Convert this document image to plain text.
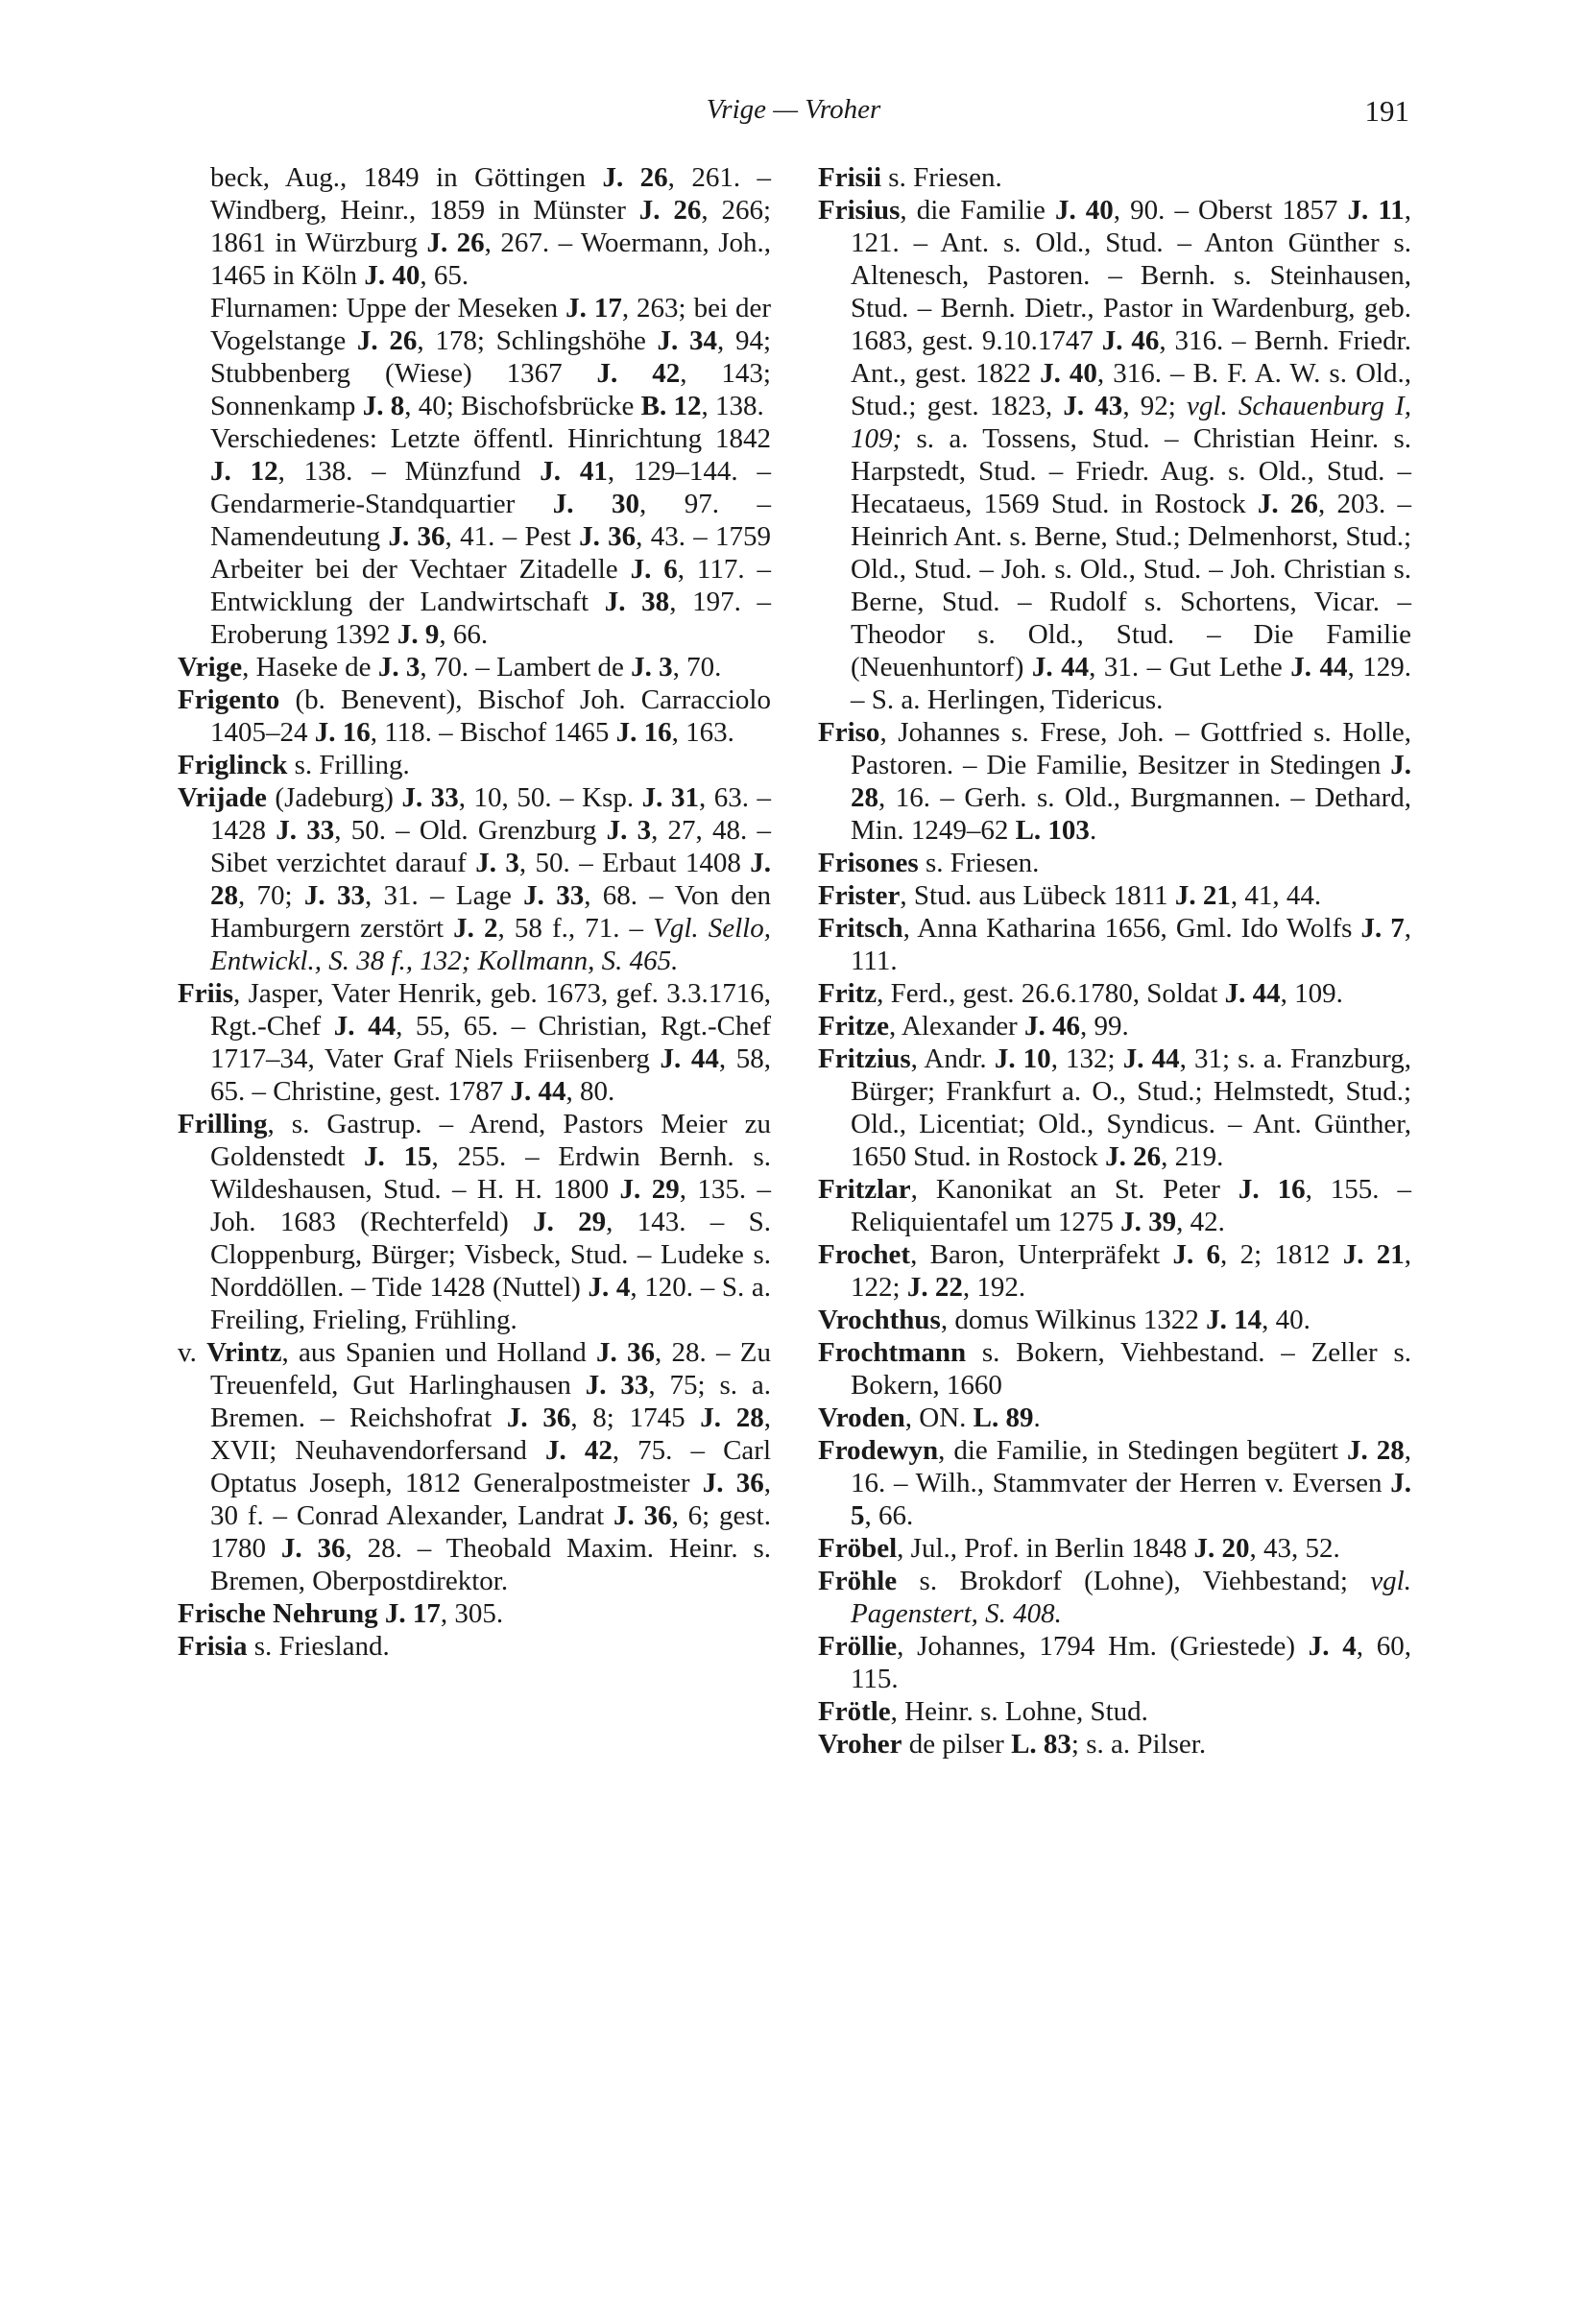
Vrige — Vroher	191

beck, Aug., 1849 in Göttingen J. 26, 261. – Windberg, Heinr., 1859 in Münster J. 26, 266; 1861 in Würzburg J. 26, 267. – Woermann, Joh., 1465 in Köln J. 40, 65.

Flurnamen: Uppe der Meseken J. 17, 263; bei der Vogelstange J. 26, 178; Schlingshöhe J. 34, 94; Stubbenberg (Wiese) 1367 J. 42, 143; Sonnenkamp J. 8, 40; Bischofsbrücke B. 12, 138.

Verschiedenes: Letzte öffentl. Hinrichtung 1842 J. 12, 138. – Münzfund J. 41, 129–144. – Gendarmerie-Standquartier J. 30, 97. – Namendeutung J. 36, 41. – Pest J. 36, 43. – 1759 Arbeiter bei der Vechtaer Zitadelle J. 6, 117. – Entwicklung der Landwirtschaft J. 38, 197. – Eroberung 1392 J. 9, 66.

Vrige, Haseke de J. 3, 70. – Lambert de J. 3, 70.

Frigento (b. Benevent), Bischof Joh. Carracciolo 1405–24 J. 16, 118. – Bischof 1465 J. 16, 163.

Friglinck s. Frilling.

Vrijade (Jadeburg) J. 33, 10, 50. – Ksp. J. 31, 63. – 1428 J. 33, 50. – Old. Grenzburg J. 3, 27, 48. – Sibet verzichtet darauf J. 3, 50. – Erbaut 1408 J. 28, 70; J. 33, 31. – Lage J. 33, 68. – Von den Hamburgern zerstört J. 2, 58 f., 71. – Vgl. Sello, Entwickl., S. 38 f., 132; Kollmann, S. 465.

Friis, Jasper, Vater Henrik, geb. 1673, gef. 3.3.1716, Rgt.-Chef J. 44, 55, 65. – Christian, Rgt.-Chef 1717–34, Vater Graf Niels Friisenberg J. 44, 58, 65. – Christine, gest. 1787 J. 44, 80.

Frilling, s. Gastrup. – Arend, Pastors Meier zu Goldenstedt J. 15, 255. – Erdwin Bernh. s. Wildeshausen, Stud. – H. H. 1800 J. 29, 135. – Joh. 1683 (Rechterfeld) J. 29, 143. – S. Cloppenburg, Bürger; Visbeck, Stud. – Ludeke s. Norddöllen. – Tide 1428 (Nuttel) J. 4, 120. – S. a. Freiling, Frieling, Frühling.

v. Vrintz, aus Spanien und Holland J. 36, 28. – Zu Treuenfeld, Gut Harlinghausen J. 33, 75; s. a. Bremen. – Reichshofrat J. 36, 8; 1745 J. 28, XVII; Neuhavendorfersand J. 42, 75. – Carl Optatus Joseph, 1812 Generalpostmeister J. 36, 30 f. – Conrad Alexander, Landrat J. 36, 6; gest. 1780 J. 36, 28. – Theobald Maxim. Heinr. s. Bremen, Oberpostdirektor.

Frische Nehrung J. 17, 305.

Frisia s. Friesland.

Frisii s. Friesen.

Frisius, die Familie J. 40, 90. – Oberst 1857 J. 11, 121. – Ant. s. Old., Stud. – Anton Günther s. Altenesch, Pastoren. – Bernh. s. Steinhausen, Stud. – Bernh. Dietr., Pastor in Wardenburg, geb. 1683, gest. 9.10.1747 J. 46, 316. – Bernh. Friedr. Ant., gest. 1822 J. 40, 316. – B. F. A. W. s. Old., Stud.; gest. 1823, J. 43, 92; vgl. Schauenburg I, 109; s. a. Tossens, Stud. – Christian Heinr. s. Harpstedt, Stud. – Friedr. Aug. s. Old., Stud. – Hecataeus, 1569 Stud. in Rostock J. 26, 203. – Heinrich Ant. s. Berne, Stud.; Delmenhorst, Stud.; Old., Stud. – Joh. s. Old., Stud. – Joh. Christian s. Berne, Stud. – Rudolf s. Schortens, Vicar. – Theodor s. Old., Stud. – Die Familie (Neuenhuntorf) J. 44, 31. – Gut Lethe J. 44, 129. – S. a. Herlingen, Tidericus.

Friso, Johannes s. Frese, Joh. – Gottfried s. Holle, Pastoren. – Die Familie, Besitzer in Stedingen J. 28, 16. – Gerh. s. Old., Burgmannen. – Dethard, Min. 1249–62 L. 103.

Frisones s. Friesen.

Frister, Stud. aus Lübeck 1811 J. 21, 41, 44.

Fritsch, Anna Katharina 1656, Gml. Ido Wolfs J. 7, 111.

Fritz, Ferd., gest. 26.6.1780, Soldat J. 44, 109.

Fritze, Alexander J. 46, 99.

Fritzius, Andr. J. 10, 132; J. 44, 31; s. a. Franzburg, Bürger; Frankfurt a. O., Stud.; Helmstedt, Stud.; Old., Licentiat; Old., Syndicus. – Ant. Günther, 1650 Stud. in Rostock J. 26, 219.

Fritzlar, Kanonikat an St. Peter J. 16, 155. – Reliquientafel um 1275 J. 39, 42.

Frochet, Baron, Unterpräfekt J. 6, 2; 1812 J. 21, 122; J. 22, 192.

Vrochthus, domus Wilkinus 1322 J. 14, 40.

Frochtmann s. Bokern, Viehbestand. – Zeller s. Bokern, 1660

Vroden, ON. L. 89.

Frodewyn, die Familie, in Stedingen begütert J. 28, 16. – Wilh., Stammvater der Herren v. Eversen J. 5, 66.

Fröbel, Jul., Prof. in Berlin 1848 J. 20, 43, 52.

Fröhle s. Brokdorf (Lohne), Viehbestand; vgl. Pagenstert, S. 408.

Fröllie, Johannes, 1794 Hm. (Griestede) J. 4, 60, 115.

Frötle, Heinr. s. Lohne, Stud.

Vroher de pilser L. 83; s. a. Pilser.
